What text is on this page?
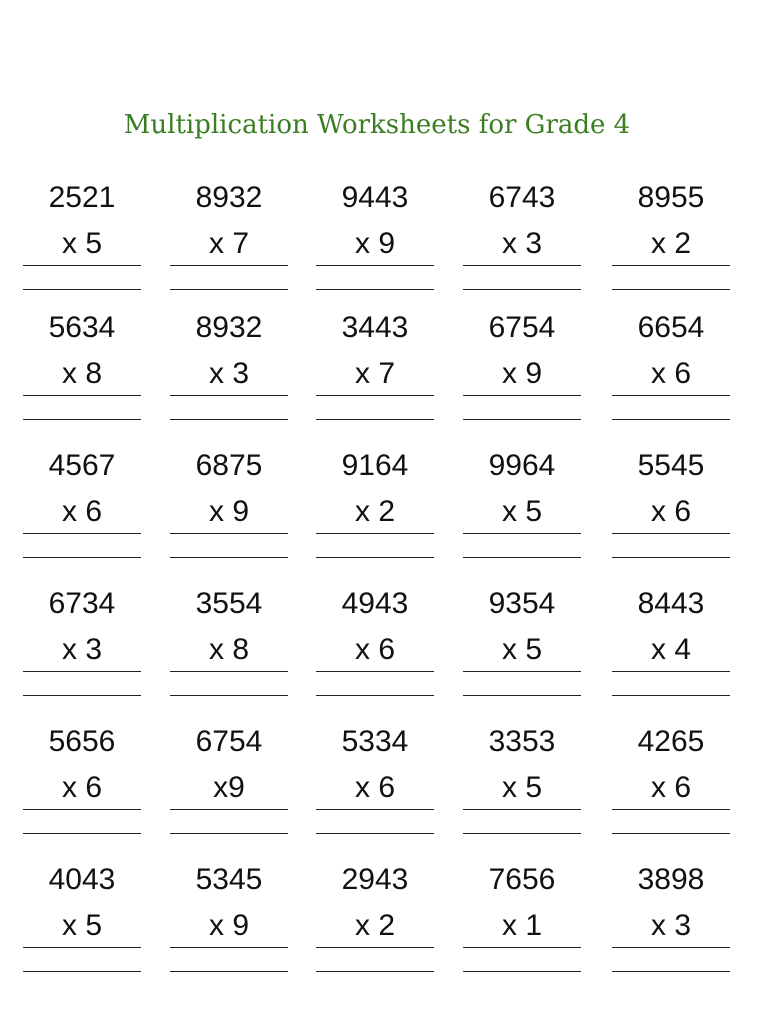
Multiplication Worksheets for Grade 4
2521
x 5
8932
x 7
9443
x 9
6743
x 3
8955
x 2
5634
x 8
8932
x 3
3443
x 7
6754
x 9
6654
x 6
4567
x 6
6875
x 9
9164
x 2
9964
x 5
5545
x 6
6734
x 3
3554
x 8
4943
x 6
9354
x 5
8443
x 4
5656
x 6
6754
x9
5334
x 6
3353
x 5
4265
x 6
4043
x 5
5345
x 9
2943
x 2
7656
x 1
3898
x 3
